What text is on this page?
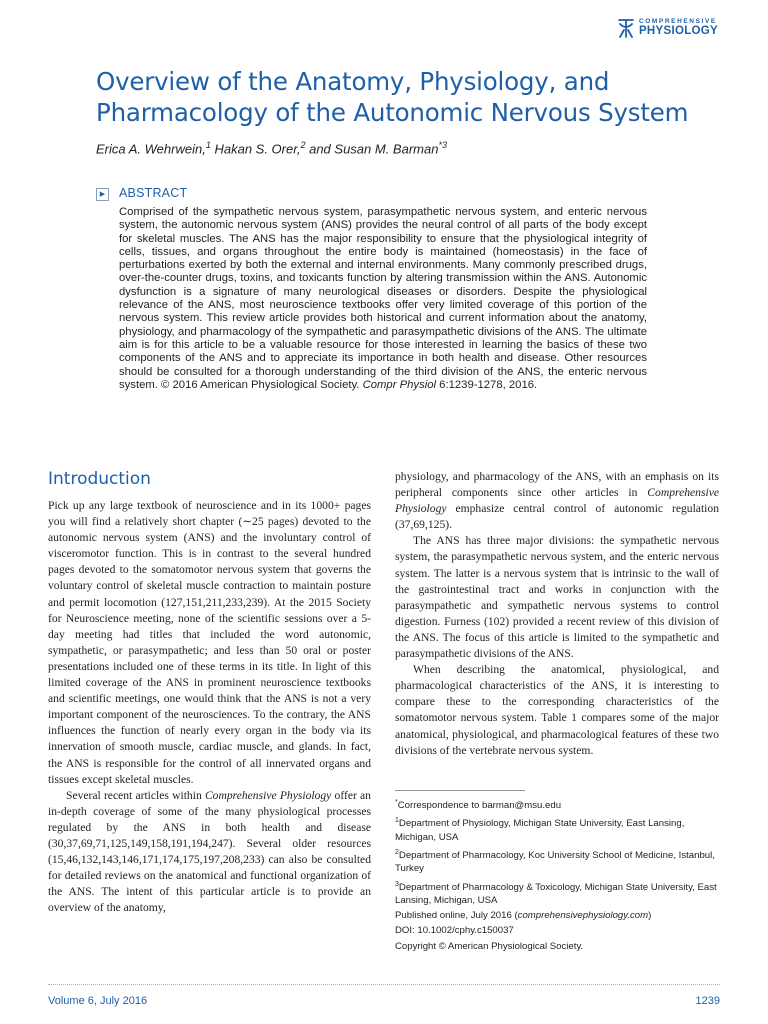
COMPREHENSIVE
PHYSIOLOGY
Overview of the Anatomy, Physiology, and Pharmacology of the Autonomic Nervous System

Erica A. Wehrwein,$^1$ Hakan S. Orer,$^2$ and Susan M. Barman$^{*3}$

▶ ABSTRACT

Comprised of the sympathetic nervous system, parasympathetic nervous system, and enteric nervous system, the autonomic nervous system (ANS) provides the neural control of all parts of the body except for skeletal muscles. The ANS has the major responsibility to ensure that the physiological integrity of cells, tissues, and organs throughout the entire body is maintained (homeostasis) in the face of perturbations exerted by both the external and internal environments. Many commonly prescribed drugs, over-the-counter drugs, toxins, and toxicants function by altering transmission within the ANS. Autonomic dysfunction is a signature of many neurological diseases or disorders. Despite the physiological relevance of the ANS, most neuroscience textbooks offer very limited coverage of this portion of the nervous system. This review article provides both historical and current information about the anatomy, physiology, and pharmacology of the sympathetic and parasympathetic divisions of the ANS. The ultimate aim is for this article to be a valuable resource for those interested in learning the basics of these two components of the ANS and to appreciate its importance in both health and disease. Other resources should be consulted for a thorough understanding of the third division of the ANS, the enteric nervous system. © 2016 American Physiological Society. Compr Physiol 6:1239-1278, 2016.

Introduction

Pick up any large textbook of neuroscience and in its 1000+ pages you will find a relatively short chapter (∼25 pages) devoted to the autonomic nervous system (ANS) and the involuntary control of visceromotor function. This is in contrast to the several hundred pages devoted to the somatomotor nervous system that governs the voluntary control of skeletal muscle contraction to maintain posture and permit locomotion (127,151,211,233,239). At the 2015 Society for Neuroscience meeting, none of the scientific sessions over a 5-day meeting had titles that included the word autonomic, sympathetic, or parasympathetic; and less than 50 oral or poster presentations included one of these terms in its title. In light of this limited coverage of the ANS in prominent neuroscience textbooks and scientific meetings, one would think that the ANS is not a very important component of the neurosciences. To the contrary, the ANS influences the function of nearly every organ in the body via its innervation of smooth muscle, cardiac muscle, and glands. In fact, the ANS is responsible for the control of all innervated organs and tissues except skeletal muscles.

Several recent articles within Comprehensive Physiology offer an in-depth coverage of some of the many physiological processes regulated by the ANS in both health and disease (30,37,69,71,125,149,158,191,194,247). Several older resources (15,46,132,143,146,171,174,175,197,208,233) can also be consulted for detailed reviews on the anatomical and functional organization of the ANS. The intent of this particular article is to provide an overview of the anatomy,

physiology, and pharmacology of the ANS, with an emphasis on its peripheral components since other articles in Comprehensive Physiology emphasize central control of autonomic regulation (37,69,125).

The ANS has three major divisions: the sympathetic nervous system, the parasympathetic nervous system, and the enteric nervous system. The latter is a nervous system that is intrinsic to the wall of the gastrointestinal tract and works in conjunction with the parasympathetic and sympathetic nervous systems to control digestion. Furness (102) provided a recent review of this division of the ANS. The focus of this article is limited to the sympathetic and parasympathetic divisions of the ANS.

When describing the anatomical, physiological, and pharmacological characteristics of the ANS, it is interesting to compare these to the corresponding characteristics of the somatomotor nervous system. Table 1 compares some of the major anatomical, physiological, and pharmacological features of these two divisions of the vertebrate nervous system.

*Correspondence to barman@msu.edu

$^1$Department of Physiology, Michigan State University, East Lansing, Michigan, USA

$^2$Department of Pharmacology, Koc University School of Medicine, Istanbul, Turkey

$^3$Department of Pharmacology & Toxicology, Michigan State University, East Lansing, Michigan, USA

Published online, July 2016 (comprehensivephysiology.com)

DOI: 10.1002/cphy.c150037

Copyright © American Physiological Society.

Volume 6, July 2016	1239
